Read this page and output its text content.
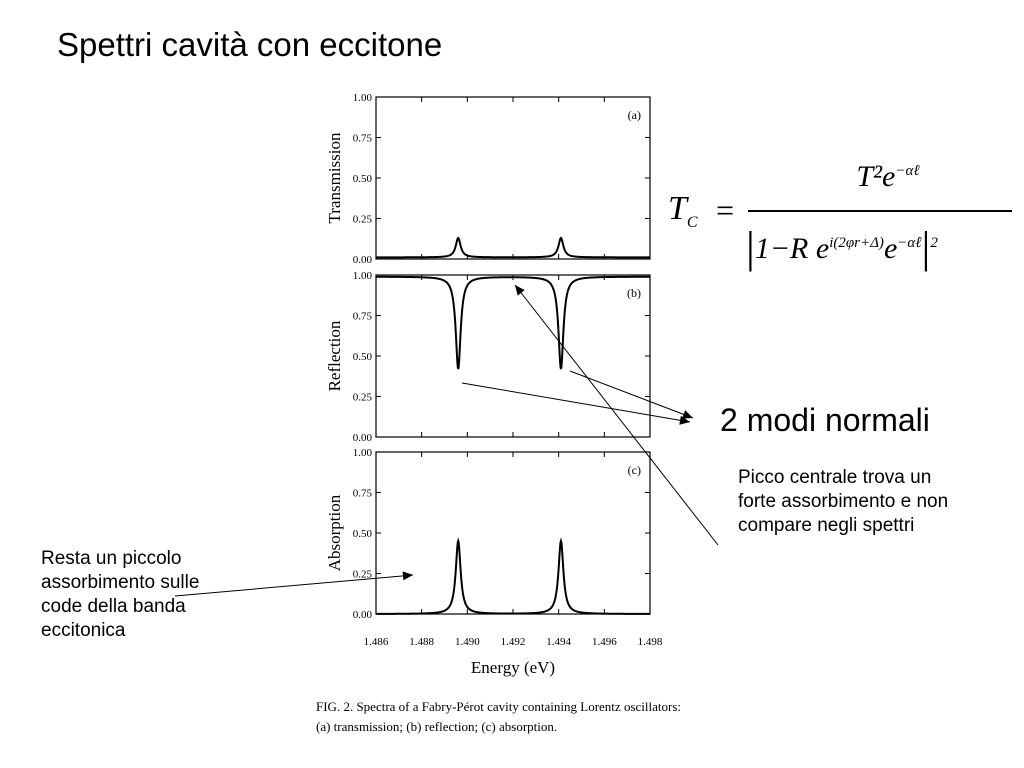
Spettri cavità con eccitone
0.00
0.25
0.50
0.75
1.00
(a)
Transmission
0.00
0.25
0.50
0.75
1.00
(b)
Reflection
0.00
0.25
0.50
0.75
1.00
(c)
Absorption
1.486 1.488 1.490 1.492 1.494 1.496 1.498
Energy (eV)
$T_C$ =
$T^2e^{-\alpha\ell}$
|1−R $e^{i(2\varphi r+\Delta)}e^{-\alpha\ell}|^2$
2 modi normali
Picco centrale trova un forte assorbimento e non compare negli spettri
Resta un piccolo assorbimento sulle code della banda eccitonica
FIG. 2. Spectra of a Fabry-Pérot cavity containing Lorentz oscillators: (a) transmission; (b) reflection; (c) absorption.
